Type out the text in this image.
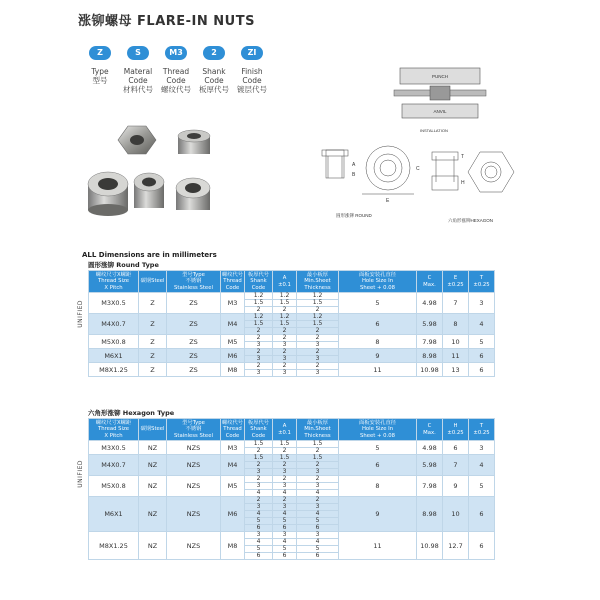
涨铆螺母 FLARE-IN NUTS
Z
Type
型号
S
Materal
Code
材料代号
M3
Thread
Code
螺纹代号
2
Shank
Code
板厚代号
ZI
Finish
Code
镀层代号
PUNCH
ANVIL
INSTALLATION
A
B
C
E
H
T
圆形涨铆 ROUND
六角形涨铆HEXAGON
ALL Dimensions are in millimeters
圆形涨铆 Round Type
UNIFIED
螺纹尺寸X螺距
Thread Size
X Pitch	碳钢Steel	型号Type
不锈钢
Stainless Steel	螺纹代号
Thread
Code	板厚代号
Shank
Code	A
±0.1	最小板厚
Min.Sheet
Thickness	面板安装孔直径
Hole Size In
Sheet + 0.08	C
Max.	E
±0.25	T
±0.25
M3X0.5	Z	ZS	M3	1.2	1.2	1.2	5	4.98	7	3
				1.5	1.5	1.5				
				2	2	2				
M4X0.7	Z	ZS	M4	1.2	1.2	1.2	6	5.98	8	4
				1.5	1.5	1.5				
				2	2	2				
M5X0.8	Z	ZS	M5	2	2	2	8	7.98	10	5
				3	3	3				
M6X1	Z	ZS	M6	2	2	2	9	8.98	11	6
				3	3	3				
M8X1.25	Z	ZS	M8	2	2	2	11	10.98	13	6
				3	3	3				
六角形涨铆 Hexagon Type
UNIFIED
螺纹尺寸X螺距
Thread Size
X Pitch	碳钢Steel	型号Type
不锈钢
Stainless Steel	螺纹代号
Thread
Code	板厚代号
Shank
Code	A
±0.1	最小板厚
Min.Sheet
Thickness	面板安装孔直径
Hole Size In
Sheet + 0.08	C
Max.	H
±0.25	T
±0.25
M3X0.5	NZ	NZS	M3	1.5	1.5	1.5	5	4.98	6	3
				2	2	2				
M4X0.7	NZ	NZS	M4	1.5	1.5	1.5	6	5.98	7	4
				2	2	2				
				3	3	3				
M5X0.8	NZ	NZS	M5	2	2	2	8	7.98	9	5
				3	3	3				
				4	4	4				
M6X1	NZ	NZS	M6	2	2	2	9	8.98	10	6
				3	3	3				
				4	4	4				
				5	5	5				
				6	6	6				
M8X1.25	NZ	NZS	M8	3	3	3	11	10.98	12.7	6
				4	4	4				
				5	5	5				
				6	6	6				
